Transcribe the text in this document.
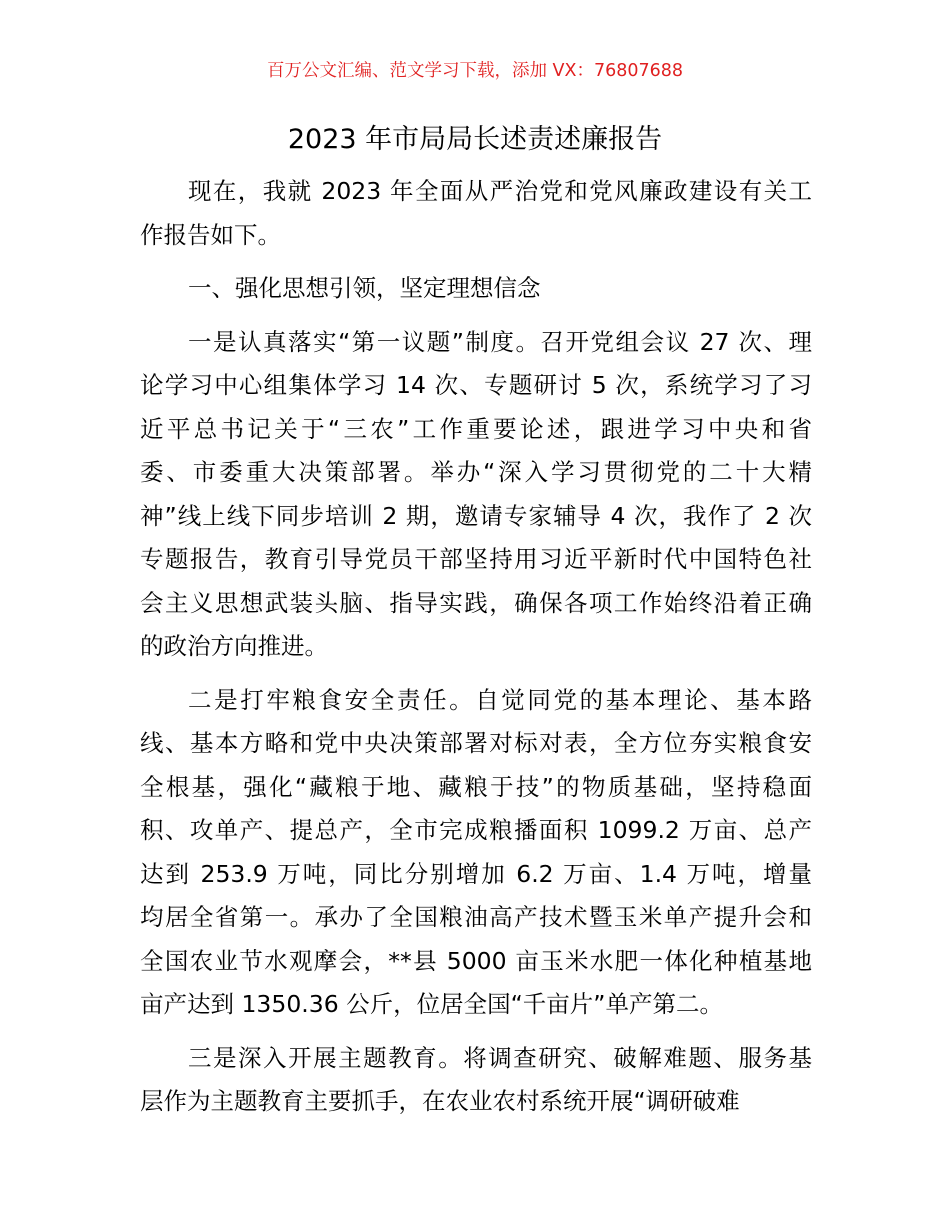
百万公文汇编、范文学习下载，添加 VX：76807688
2023 年市局局长述责述廉报告
现在，我就 2023 年全面从严治党和党风廉政建设有关工
作报告如下。
一、强化思想引领，坚定理想信念
一是认真落实“第一议题”制度。召开党组会议 27 次、理
论学习中心组集体学习 14 次、专题研讨 5 次，系统学习了习
近平总书记关于“三农”工作重要论述，跟进学习中央和省
委、市委重大决策部署。举办“深入学习贯彻党的二十大精
神”线上线下同步培训 2 期，邀请专家辅导 4 次，我作了 2 次
专题报告，教育引导党员干部坚持用习近平新时代中国特色社
会主义思想武装头脑、指导实践，确保各项工作始终沿着正确
的政治方向推进。
二是打牢粮食安全责任。自觉同党的基本理论、基本路
线、基本方略和党中央决策部署对标对表，全方位夯实粮食安
全根基，强化“藏粮于地、藏粮于技”的物质基础，坚持稳面
积、攻单产、提总产，全市完成粮播面积 1099.2 万亩、总产
达到 253.9 万吨，同比分别增加 6.2 万亩、1.4 万吨，增量
均居全省第一。承办了全国粮油高产技术暨玉米单产提升会和
全国农业节水观摩会，**县 5000 亩玉米水肥一体化种植基地
亩产达到 1350.36 公斤，位居全国“千亩片”单产第二。
三是深入开展主题教育。将调查研究、破解难题、服务基
层作为主题教育主要抓手，在农业农村系统开展“调研破难
